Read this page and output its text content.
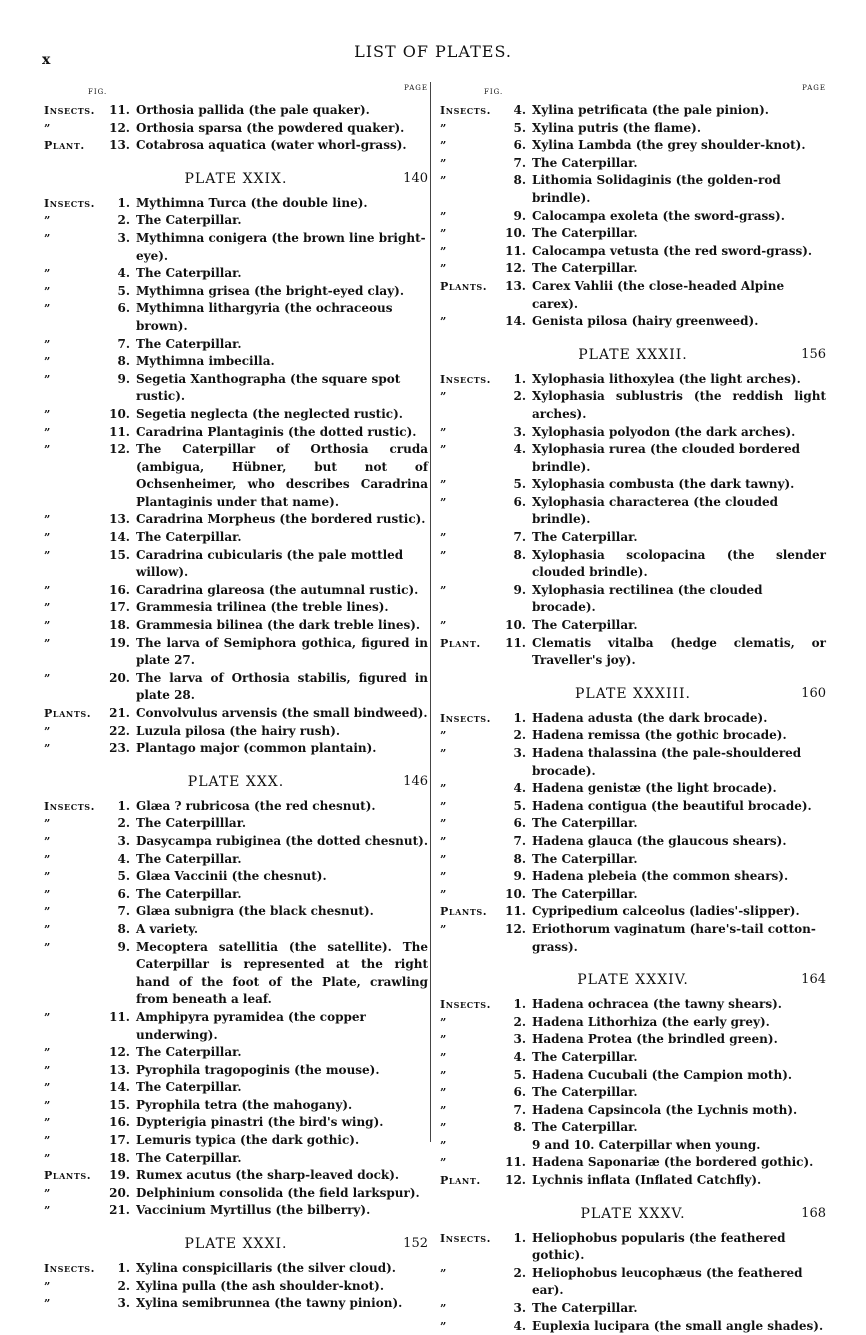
x	LIST OF PLATES.
FIG.	PAGE
Insects.	11. Orthosia pallida (the pale quaker).
”	12. Orthosia sparsa (the powdered quaker).
Plant.	13. Cotabrosa aquatica (water whorl-grass).
PLATE XXIX.	140
Insects.	1. Mythimna Turca (the double line).
”	2. The Caterpillar.
”	3. Mythimna conigera (the brown line bright-eye).
”	4. The Caterpillar.
”	5. Mythimna grisea (the bright-eyed clay).
”	6. Mythimna lithargyria (the ochraceous brown).
”	7. The Caterpillar.
”	8. Mythimna imbecilla.
”	9. Segetia Xanthographa (the square spot rustic).
”	10. Segetia neglecta (the neglected rustic).
”	11. Caradrina Plantaginis (the dotted rustic).
”	12. The Caterpillar of Orthosia cruda (ambigua, Hübner, but not of Ochsenheimer, who describes Caradrina Plantaginis under that name).
”	13. Caradrina Morpheus (the bordered rustic).
”	14. The Caterpillar.
”	15. Caradrina cubicularis (the pale mottled willow).
”	16. Caradrina glareosa (the autumnal rustic).
”	17. Grammesia trilinea (the treble lines).
”	18. Grammesia bilinea (the dark treble lines).
”	19. The larva of Semiphora gothica, figured in plate 27.
”	20. The larva of Orthosia stabilis, figured in plate 28.
Plants.	21. Convolvulus arvensis (the small bindweed).
”	22. Luzula pilosa (the hairy rush).
”	23. Plantago major (common plantain).
PLATE XXX.	146
Insects.	1. Glæa ? rubricosa (the red chesnut).
”	2. The Caterpilllar.
”	3. Dasycampa rubiginea (the dotted chesnut).
”	4. The Caterpillar.
”	5. Glæa Vaccinii (the chesnut).
”	6. The Caterpillar.
”	7. Glæa subnigra (the black chesnut).
”	8. A variety.
”	9. Mecoptera satellitia (the satellite). The Caterpillar is represented at the right hand of the foot of the Plate, crawling from beneath a leaf.
”	11. Amphipyra pyramidea (the copper underwing).
”	12. The Caterpillar.
”	13. Pyrophila tragopoginis (the mouse).
”	14. The Caterpillar.
”	15. Pyrophila tetra (the mahogany).
”	16. Dypterigia pinastri (the bird's wing).
”	17. Lemuris typica (the dark gothic).
”	18. The Caterpillar.
Plants.	19. Rumex acutus (the sharp-leaved dock).
”	20. Delphinium consolida (the field larkspur).
”	21. Vaccinium Myrtillus (the bilberry).
PLATE XXXI.	152
Insects.	1. Xylina conspicillaris (the silver cloud).
”	2. Xylina pulla (the ash shoulder-knot).
”	3. Xylina semibrunnea (the tawny pinion).
FIG.	PAGE
Insects.	4. Xylina petrificata (the pale pinion).
”	5. Xylina putris (the flame).
”	6. Xylina Lambda (the grey shoulder-knot).
”	7. The Caterpillar.
”	8. Lithomia Solidaginis (the golden-rod brindle).
”	9. Calocampa exoleta (the sword-grass).
”	10. The Caterpillar.
”	11. Calocampa vetusta (the red sword-grass).
”	12. The Caterpillar.
Plants.	13. Carex Vahlii (the close-headed Alpine carex).
”	14. Genista pilosa (hairy greenweed).
PLATE XXXII.	156
Insects.	1. Xylophasia lithoxylea (the light arches).
”	2. Xylophasia sublustris (the reddish light arches).
”	3. Xylophasia polyodon (the dark arches).
”	4. Xylophasia rurea (the clouded bordered brindle).
”	5. Xylophasia combusta (the dark tawny).
”	6. Xylophasia characterea (the clouded brindle).
”	7. The Caterpillar.
”	8. Xylophasia scolopacina (the slender clouded brindle).
”	9. Xylophasia rectilinea (the clouded brocade).
”	10. The Caterpillar.
Plant.	11. Clematis vitalba (hedge clematis, or Traveller's joy).
PLATE XXXIII.	160
Insects.	1. Hadena adusta (the dark brocade).
”	2. Hadena remissa (the gothic brocade).
”	3. Hadena thalassina (the pale-shouldered brocade).
”	4. Hadena genistæ (the light brocade).
”	5. Hadena contigua (the beautiful brocade).
”	6. The Caterpillar.
”	7. Hadena glauca (the glaucous shears).
”	8. The Caterpillar.
”	9. Hadena plebeia (the common shears).
”	10. The Caterpillar.
Plants.	11. Cypripedium calceolus (ladies'-slipper).
”	12. Eriothorum vaginatum (hare's-tail cotton-grass).
PLATE XXXIV.	164
Insects.	1. Hadena ochracea (the tawny shears).
”	2. Hadena Lithorhiza (the early grey).
”	3. Hadena Protea (the brindled green).
”	4. The Caterpillar.
”	5. Hadena Cucubali (the Campion moth).
”	6. The Caterpillar.
”	7. Hadena Capsincola (the Lychnis moth).
”	8. The Caterpillar.
”	9 and 10. Caterpillar when young.
”	11. Hadena Saponariæ (the bordered gothic).
Plant.	12. Lychnis inflata (Inflated Catchfly).
PLATE XXXV.	168
Insects.	1. Heliophobus popularis (the feathered gothic).
”	2. Heliophobus leucophæus (the feathered ear).
”	3. The Caterpillar.
”	4. Euplexia lucipara (the small angle shades).
